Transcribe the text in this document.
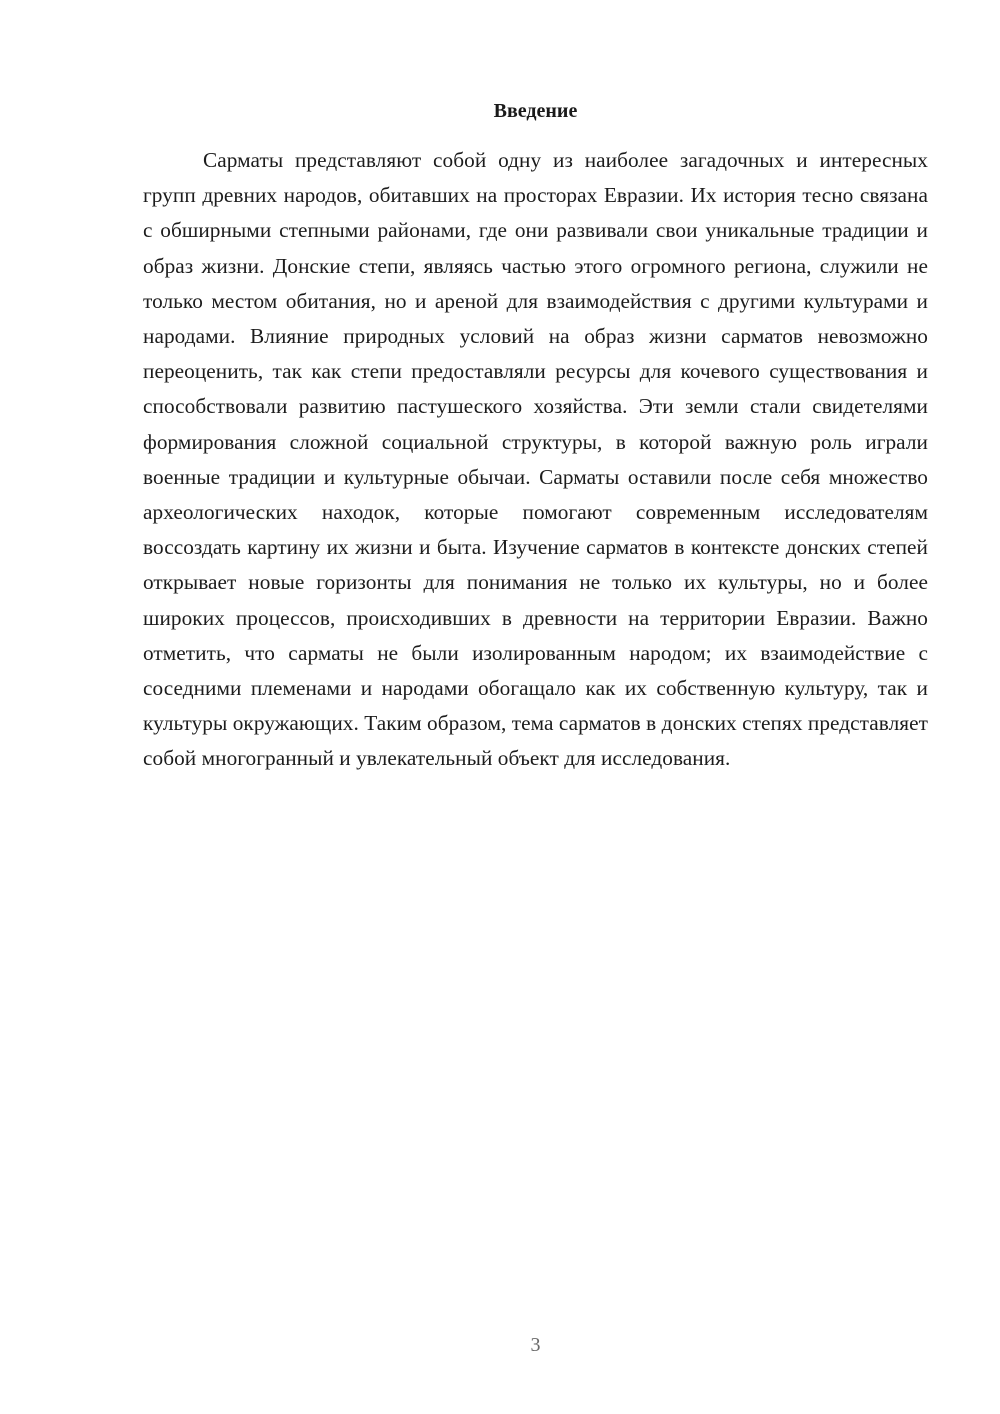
Введение

Сарматы представляют собой одну из наиболее загадочных и интересных групп древних народов, обитавших на просторах Евразии. Их история тесно связана с обширными степными районами, где они развивали свои уникальные традиции и образ жизни. Донские степи, являясь частью этого огромного региона, служили не только местом обитания, но и ареной для взаимодействия с другими культурами и народами. Влияние природных условий на образ жизни сарматов невозможно переоценить, так как степи предоставляли ресурсы для кочевого существования и способствовали развитию пастушеского хозяйства. Эти земли стали свидетелями формирования сложной социальной структуры, в которой важную роль играли военные традиции и культурные обычаи. Сарматы оставили после себя множество археологических находок, которые помогают современным исследователям воссоздать картину их жизни и быта. Изучение сарматов в контексте донских степей открывает новые горизонты для понимания не только их культуры, но и более широких процессов, происходивших в древности на территории Евразии. Важно отметить, что сарматы не были изолированным народом; их взаимодействие с соседними племенами и народами обогащало как их собственную культуру, так и культуры окружающих. Таким образом, тема сарматов в донских степях представляет собой многогранный и увлекательный объект для исследования.

3
